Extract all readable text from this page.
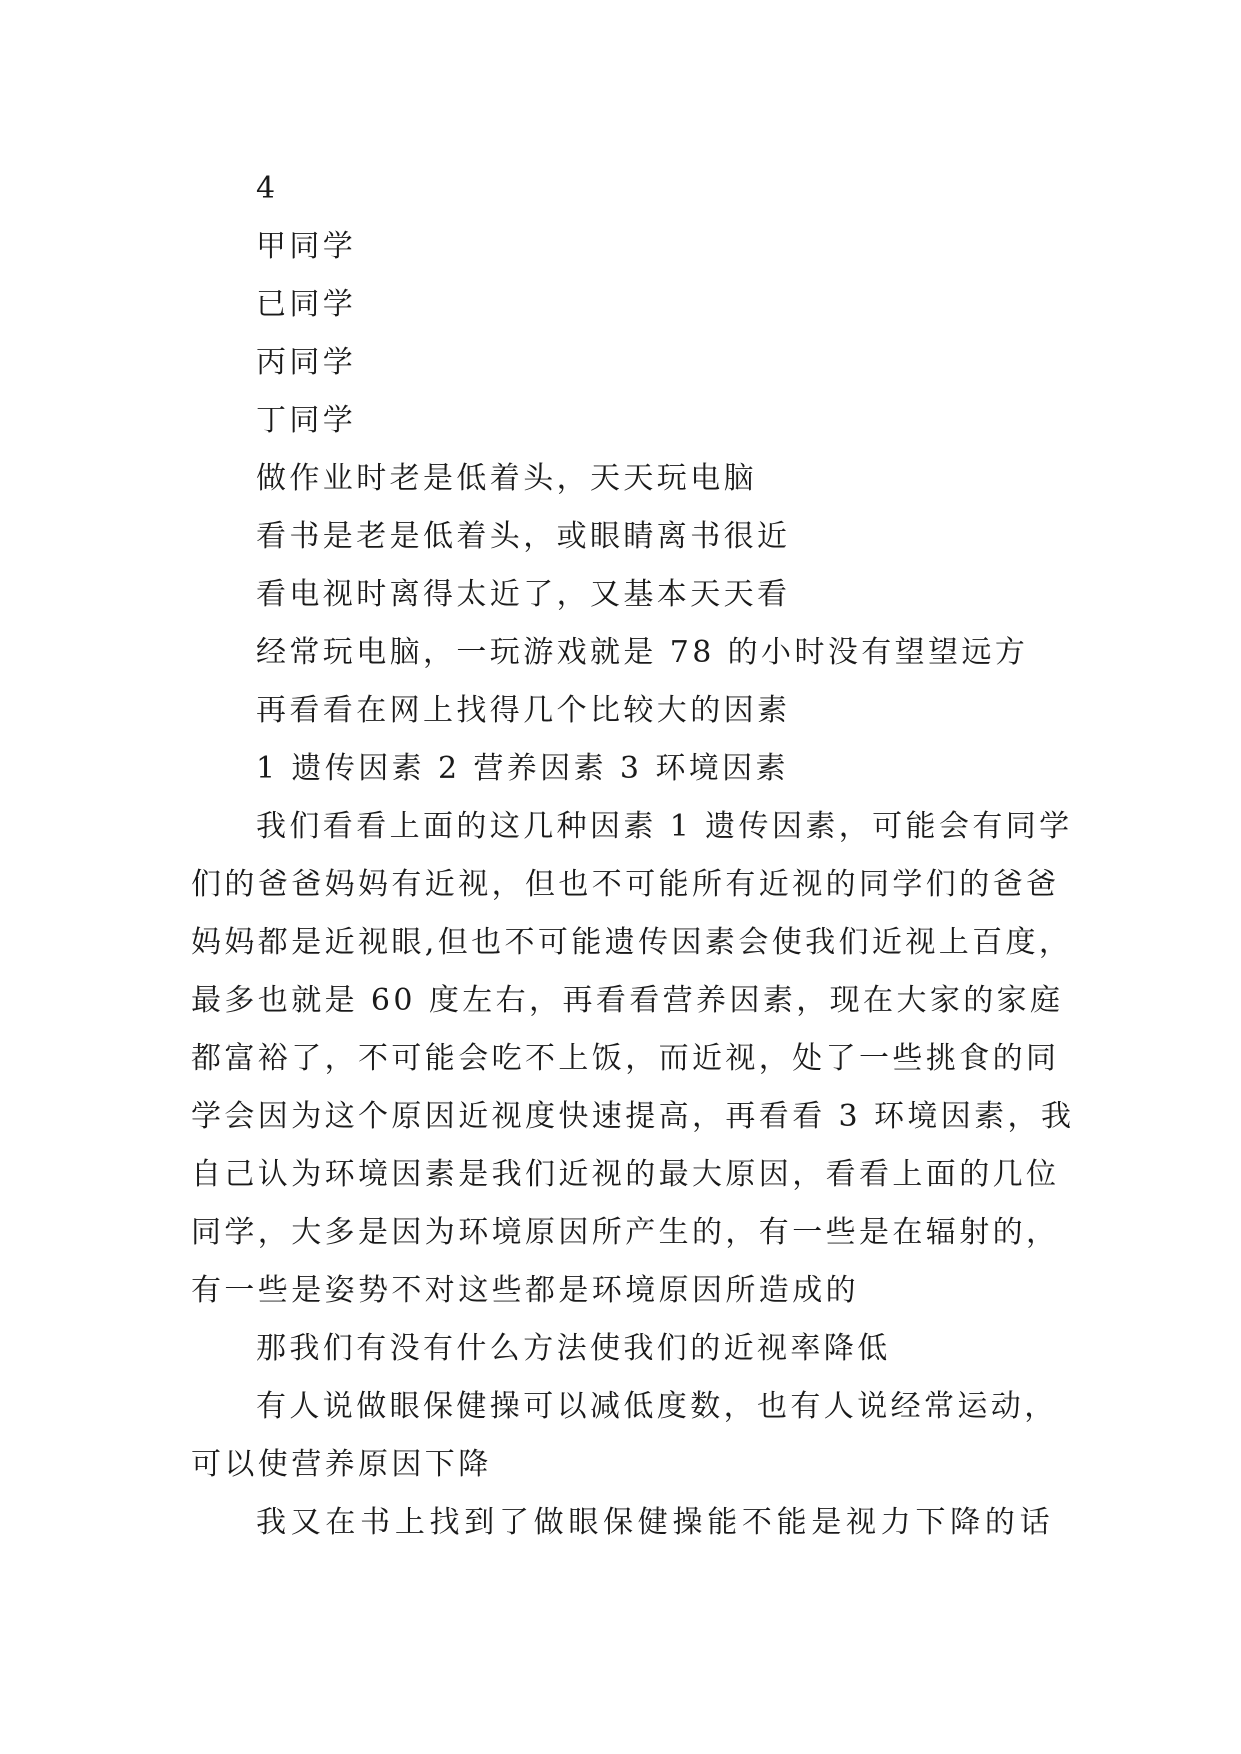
4

甲同学

已同学

丙同学

丁同学

做作业时老是低着头，天天玩电脑

看书是老是低着头，或眼睛离书很近

看电视时离得太近了，又基本天天看

经常玩电脑，一玩游戏就是 78 的小时没有望望远方

再看看在网上找得几个比较大的因素

1 遗传因素 2 营养因素 3 环境因素

我们看看上面的这几种因素 1 遗传因素，可能会有同学

们的爸爸妈妈有近视，但也不可能所有近视的同学们的爸爸

妈妈都是近视眼,但也不可能遗传因素会使我们近视上百度，

最多也就是 60 度左右，再看看营养因素，现在大家的家庭

都富裕了，不可能会吃不上饭，而近视，处了一些挑食的同

学会因为这个原因近视度快速提高，再看看 3 环境因素，我

自己认为环境因素是我们近视的最大原因，看看上面的几位

同学，大多是因为环境原因所产生的，有一些是在辐射的，

有一些是姿势不对这些都是环境原因所造成的

那我们有没有什么方法使我们的近视率降低

有人说做眼保健操可以减低度数，也有人说经常运动，

可以使营养原因下降

我又在书上找到了做眼保健操能不能是视力下降的话
